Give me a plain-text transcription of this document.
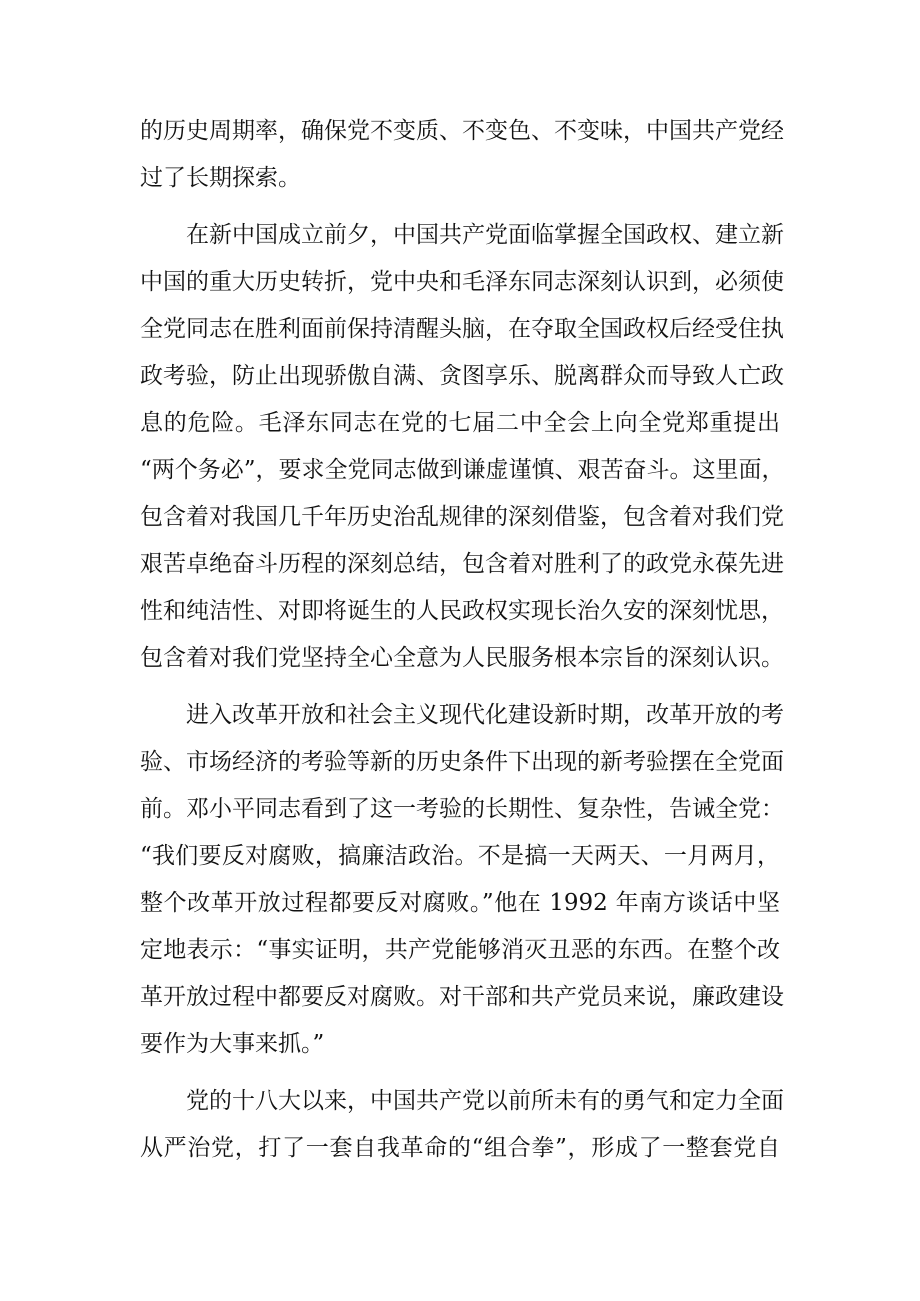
的历史周期率，确保党不变质、不变色、不变味，中国共产党经
过了长期探索。
在新中国成立前夕，中国共产党面临掌握全国政权、建立新
中国的重大历史转折，党中央和毛泽东同志深刻认识到，必须使
全党同志在胜利面前保持清醒头脑，在夺取全国政权后经受住执
政考验，防止出现骄傲自满、贪图享乐、脱离群众而导致人亡政
息的危险。毛泽东同志在党的七届二中全会上向全党郑重提出
“两个务必”，要求全党同志做到谦虚谨慎、艰苦奋斗。这里面，
包含着对我国几千年历史治乱规律的深刻借鉴，包含着对我们党
艰苦卓绝奋斗历程的深刻总结，包含着对胜利了的政党永葆先进
性和纯洁性、对即将诞生的人民政权实现长治久安的深刻忧思，
包含着对我们党坚持全心全意为人民服务根本宗旨的深刻认识。
进入改革开放和社会主义现代化建设新时期，改革开放的考
验、市场经济的考验等新的历史条件下出现的新考验摆在全党面
前。邓小平同志看到了这一考验的长期性、复杂性，告诫全党：
“我们要反对腐败，搞廉洁政治。不是搞一天两天、一月两月，
整个改革开放过程都要反对腐败。”他在 1992 年南方谈话中坚
定地表示：“事实证明，共产党能够消灭丑恶的东西。在整个改
革开放过程中都要反对腐败。对干部和共产党员来说，廉政建设
要作为大事来抓。”
党的十八大以来，中国共产党以前所未有的勇气和定力全面
从严治党，打了一套自我革命的“组合拳”，形成了一整套党自
